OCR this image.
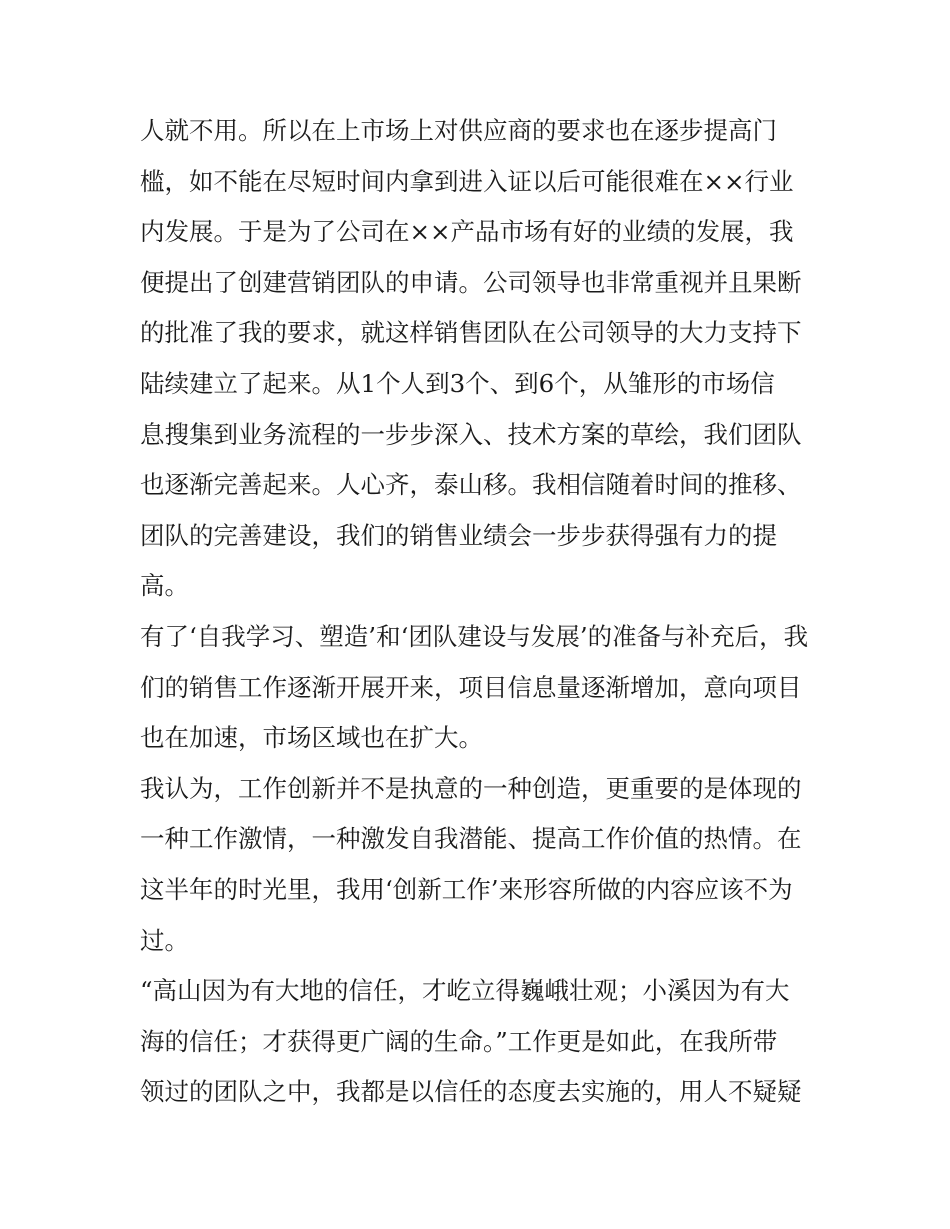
人就不用。所以在上市场上对供应商的要求也在逐步提高门
槛，如不能在尽短时间内拿到进入证以后可能很难在××行业
内发展。于是为了公司在××产品市场有好的业绩的发展，我
便提出了创建营销团队的申请。公司领导也非常重视并且果断
的批准了我的要求，就这样销售团队在公司领导的大力支持下
陆续建立了起来。从1个人到3个、到6个，从雏形的市场信
息搜集到业务流程的一步步深入、技术方案的草绘，我们团队
也逐渐完善起来。人心齐，泰山移。我相信随着时间的推移、
团队的完善建设，我们的销售业绩会一步步获得强有力的提
高。
有了‘自我学习、塑造’和‘团队建设与发展’的准备与补充后，我
们的销售工作逐渐开展开来，项目信息量逐渐增加，意向项目
也在加速，市场区域也在扩大。
我认为，工作创新并不是执意的一种创造，更重要的是体现的
一种工作激情，一种激发自我潜能、提高工作价值的热情。在
这半年的时光里，我用‘创新工作’来形容所做的内容应该不为
过。
“高山因为有大地的信任，才屹立得巍峨壮观；小溪因为有大
海的信任；才获得更广阔的生命。”工作更是如此，在我所带
领过的团队之中，我都是以信任的态度去实施的，用人不疑疑
